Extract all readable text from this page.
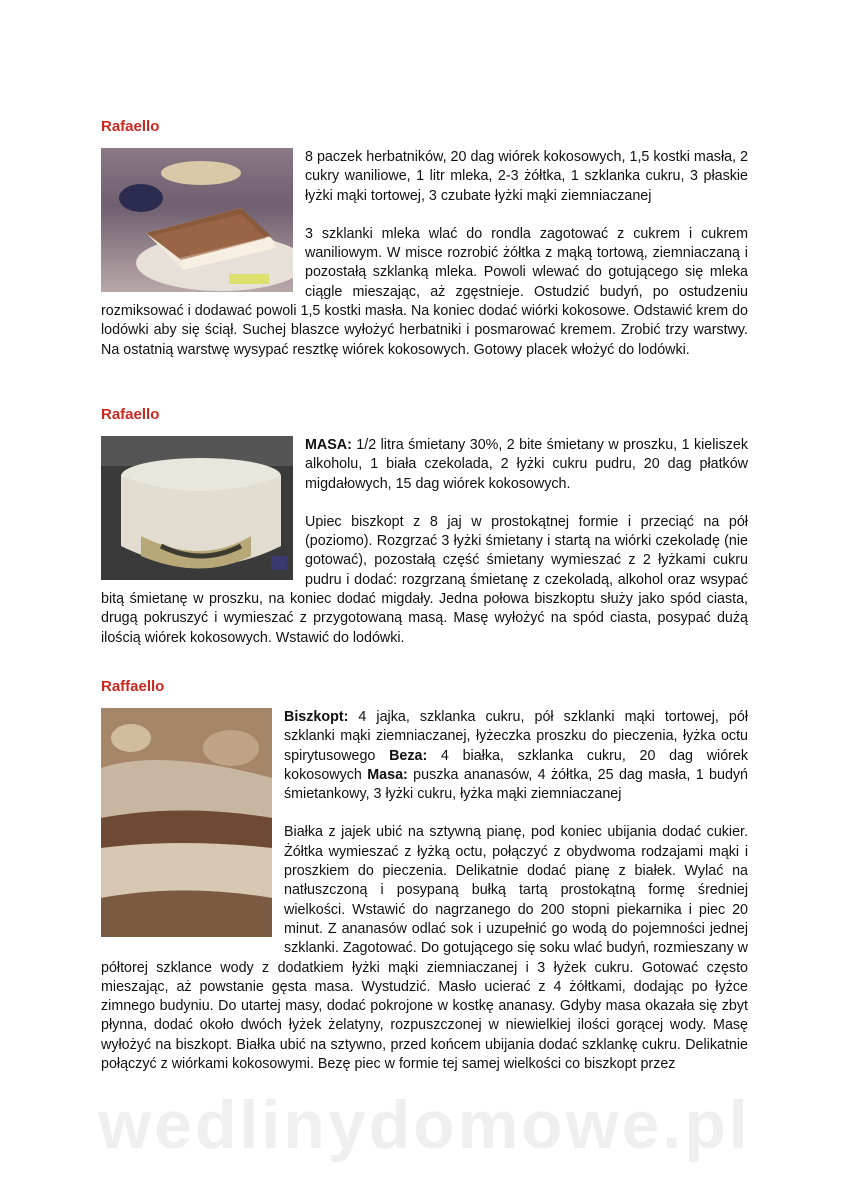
Rafaello

8 paczek herbatników, 20 dag wiórek kokosowych, 1,5 kostki masła, 2 cukry waniliowe, 1 litr mleka, 2-3 żółtka, 1 szklanka cukru, 3 płaskie łyżki mąki tortowej, 3 czubate łyżki mąki ziemniaczanej

3 szklanki mleka wlać do rondla zagotować z cukrem i cukrem waniliowym. W misce rozrobić żółtka z mąką tortową, ziemniaczaną i pozostałą szklanką mleka. Powoli wlewać do gotującego się mleka ciągle mieszając, aż zgęstnieje. Ostudzić budyń, po ostudzeniu rozmiksować i dodawać powoli 1,5 kostki masła. Na koniec dodać wiórki kokosowe. Odstawić krem do lodówki aby się ściął. Suchej blaszce wyłożyć herbatniki i posmarować kremem. Zrobić trzy warstwy. Na ostatnią warstwę wysypać resztkę wiórek kokosowych. Gotowy placek włożyć do lodówki.

Rafaello

MASA: 1/2 litra śmietany 30%, 2 bite śmietany w proszku, 1 kieliszek alkoholu, 1 biała czekolada, 2 łyżki cukru pudru, 20 dag płatków migdałowych, 15 dag wiórek kokosowych.

Upiec biszkopt z 8 jaj w prostokątnej formie i przeciąć na pół (poziomo). Rozgrzać 3 łyżki śmietany i startą na wiórki czekoladę (nie gotować), pozostałą część śmietany wymieszać z 2 łyżkami cukru pudru i dodać: rozgrzaną śmietanę z czekoladą, alkohol oraz wsypać bitą śmietanę w proszku, na koniec dodać migdały. Jedna połowa biszkoptu służy jako spód ciasta, drugą pokruszyć i wymieszać z przygotowaną masą. Masę wyłożyć na spód ciasta, posypać dużą ilością wiórek kokosowych. Wstawić do lodówki.

Raffaello

Biszkopt: 4 jajka, szklanka cukru, pół szklanki mąki tortowej, pół szklanki mąki ziemniaczanej, łyżeczka proszku do pieczenia, łyżka octu spirytusowego Beza: 4 białka, szklanka cukru, 20 dag wiórek kokosowych Masa: puszka ananasów, 4 żółtka, 25 dag masła, 1 budyń śmietankowy, 3 łyżki cukru, łyżka mąki ziemniaczanej

Białka z jajek ubić na sztywną pianę, pod koniec ubijania dodać cukier. Żółtka wymieszać z łyżką octu, połączyć z obydwoma rodzajami mąki i proszkiem do pieczenia. Delikatnie dodać pianę z białek. Wylać na natłuszczoną i posypaną bułką tartą prostokątną formę średniej wielkości. Wstawić do nagrzanego do 200 stopni piekarnika i piec 20 minut. Z ananasów odlać sok i uzupełnić go wodą do pojemności jednej szklanki. Zagotować. Do gotującego się soku wlać budyń, rozmieszany w półtorej szklance wody z dodatkiem łyżki mąki ziemniaczanej i 3 łyżek cukru. Gotować często mieszając, aż powstanie gęsta masa. Wystudzić. Masło ucierać z 4 żółtkami, dodając po łyżce zimnego budyniu. Do utartej masy, dodać pokrojone w kostkę ananasy. Gdyby masa okazała się zbyt płynna, dodać około dwóch łyżek żelatyny, rozpuszczonej w niewielkiej ilości gorącej wody. Masę wyłożyć na biszkopt. Białka ubić na sztywno, przed końcem ubijania dodać szklankę cukru. Delikatnie połączyć z wiórkami kokosowymi. Bezę piec w formie tej samej wielkości co biszkopt przez

wedlinydomowe.pl
